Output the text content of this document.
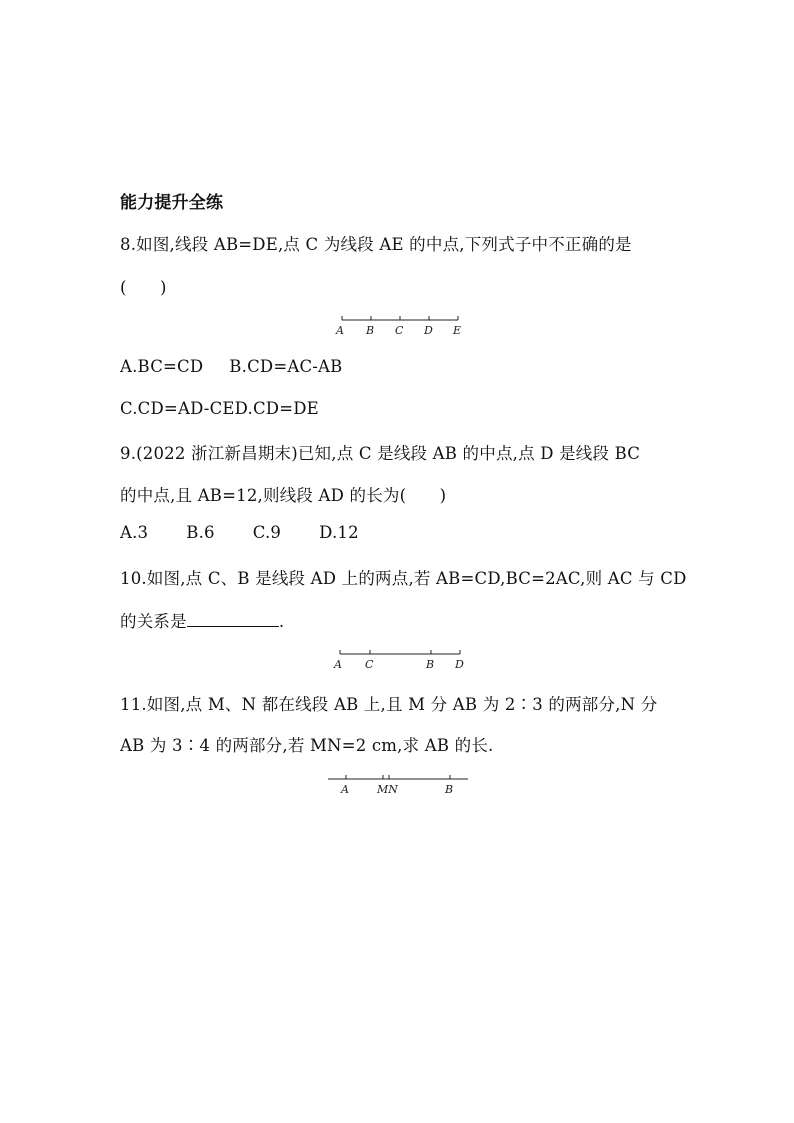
能力提升全练
8.如图,线段 AB=DE,点 C 为线段 AE 的中点,下列式子中不正确的是
(　　)
A B C D E
A.BC=CD B.CD=AC-AB
C.CD=AD-CED.CD=DE
9.(2022 浙江新昌期末)已知,点 C 是线段 AB 的中点,点 D 是线段 BC
的中点,且 AB=12,则线段 AD 的长为(　　)
A.3 B.6 C.9 D.12
10.如图,点 C、B 是线段 AD 上的两点,若 AB=CD,BC=2AC,则 AC 与 CD
的关系是	.
A C	B D
11.如图,点 M、N 都在线段 AB 上,且 M 分 AB 为 2∶3 的两部分,N 分
AB 为 3∶4 的两部分,若 MN=2 cm,求 AB 的长.
A	MN	B
